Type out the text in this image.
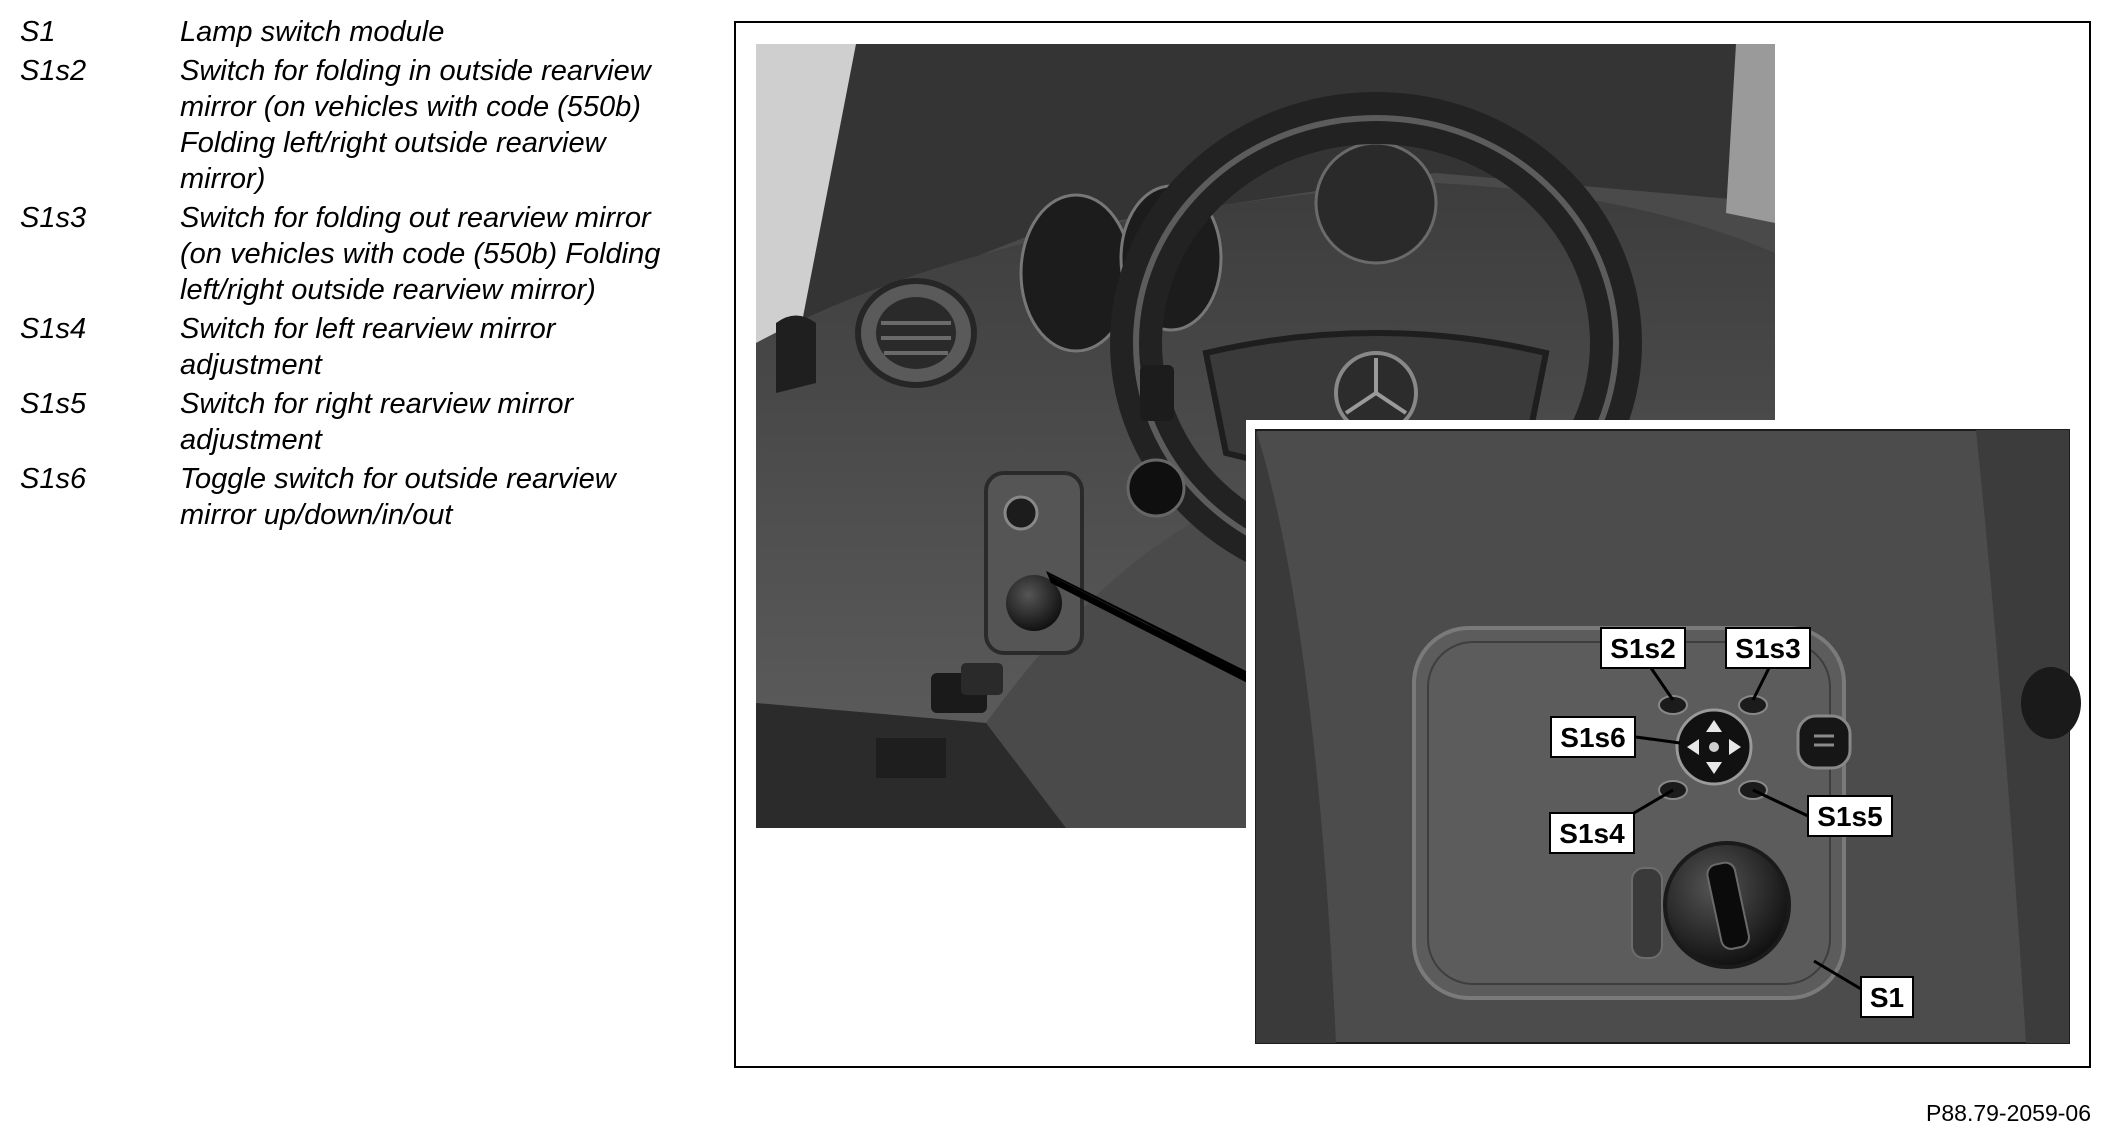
S1	Lamp switch module
S1s2	Switch for folding in outside rearview mirror (on vehicles with code (550b) Folding left/right outside rearview mirror)
S1s3	Switch for folding out rearview mirror (on vehicles with code (550b) Folding left/right outside rearview mirror)
S1s4	Switch for left rearview mirror adjustment
S1s5	Switch for right rearview mirror adjustment
S1s6	Toggle switch for outside rearview mirror up/down/in/out
S1s2 S1s3
S1s6
S1s4
S1s5
S1
P88.79-2059-06
